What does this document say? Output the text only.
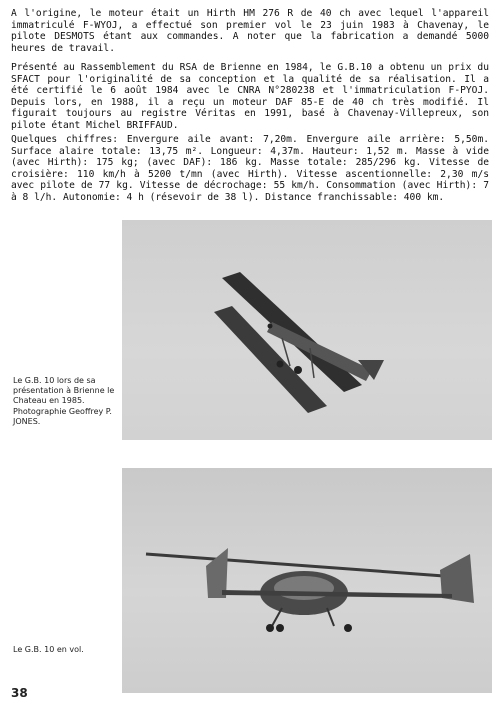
A l'origine, le moteur était un Hirth HM 276 R de 40 ch avec lequel l'appareil immatriculé F-WYOJ, a effectué son premier vol le 23 juin 1983 à Chavenay, le pilote DESMOTS étant aux commandes. A noter que la fabrication a demandé 5000 heures de travail.

Présenté au Rassemblement du RSA de Brienne en 1984, le G.B.10 a obtenu un prix du SFACT pour l'originalité de sa conception et la qualité de sa réalisation. Il a été certifié le 6 août 1984 avec le CNRA N°280238 et l'immatriculation F-PYOJ. Depuis lors, en 1988, il a reçu un moteur DAF 85-E de 40 ch très modifié. Il figurait toujours au registre Véritas en 1991, basé à Chavenay-Villepreux, son pilote étant Michel BRIFFAUD.

Quelques chiffres: Envergure aile avant: 7,20m. Envergure aile arrière: 5,50m. Surface alaire totale: 13,75 m². Longueur: 4,37m. Hauteur: 1,52 m. Masse à vide (avec Hirth): 175 kg; (avec DAF): 186 kg. Masse totale: 285/296 kg. Vitesse de croisière: 110 km/h à 5200 t/mn (avec Hirth). Vitesse ascentionnelle: 2,30 m/s avec pilote de 77 kg. Vitesse de décrochage: 55 km/h. Consommation (avec Hirth): 7 à 8 l/h. Autonomie: 4 h (résevoir de 38 l). Distance franchissable: 400 km.

Le G.B. 10 lors de sa présentation à Brienne le Chateau en 1985. Photographie Geoffrey P. JONES.
Le G.B. 10 en vol.
38
